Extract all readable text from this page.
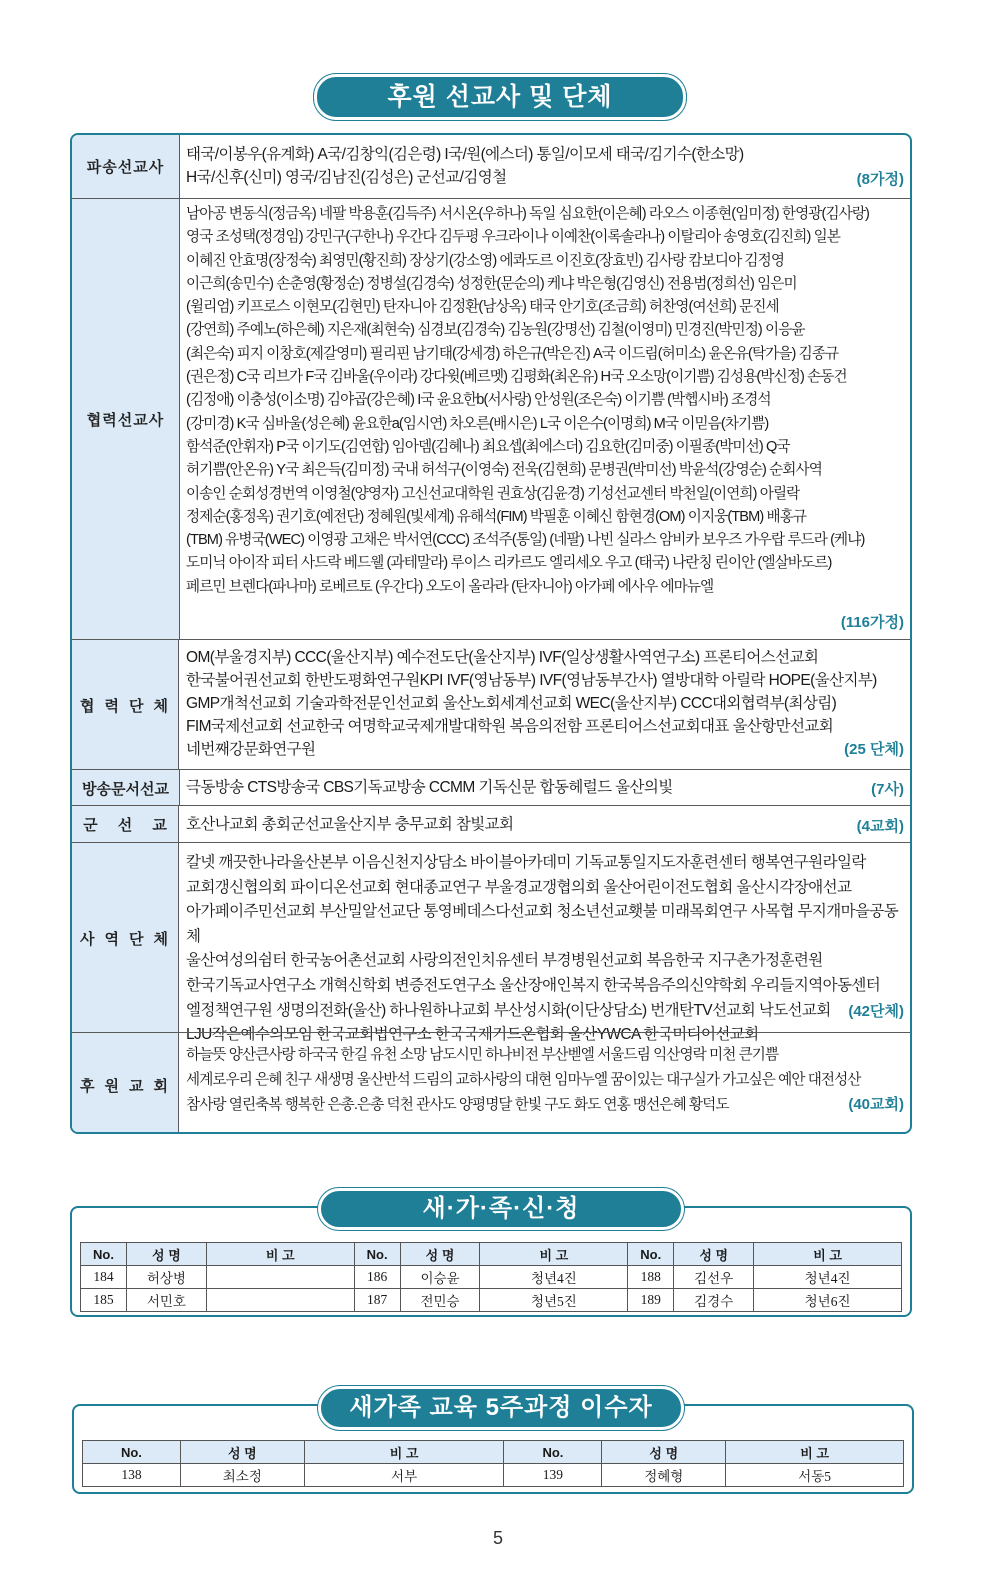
후원 선교사 및 단체
파송선교사
태국/이봉우(유계화) A국/김창익(김은령) I국/원(에스더) 통일/이모세 태국/김기수(한소망)
H국/신후(신미) 영국/김남진(김성은) 군선교/김영철	(8가정)
협력선교사
남아공 변동식(정금옥) 네팔 박용훈(김득주) 서시온(우하나) 독일 심요한(이은혜) 라오스 이종현(임미정) 한영광(김사랑)
영국 조성택(정경임) 강민구(구한나) 우간다 김두평 우크라이나 이예찬(이록솔라나) 이탈리아 송영호(김진희) 일본
이혜진 안효명(장정숙) 최영민(황진희) 장상기(강소영) 에콰도르 이진호(장효빈) 김사랑 캄보디아 김정영
이근희(송민수) 손춘영(황정순) 정병설(김경숙) 성정한(문순의) 케냐 박은형(김영신) 전용범(정희선) 임은미
(윌리엄) 키프로스 이현모(김현민) 탄자니아 김정환(남상옥) 태국 안기호(조금희) 허찬영(여선희) 문진세
(강연희) 주예노(하은혜) 지은재(최현숙) 심경보(김경숙) 김농원(강명선) 김철(이영미) 민경진(박민정) 이응윤
(최은숙) 피지 이창호(제갈영미) 필리핀 남기태(강세경) 하은규(박은진) A국 이드림(허미소) 윤온유(탁가을) 김종규
(권은정) C국 리브가 F국 김바울(우이라) 강다윗(베르멧) 김평화(최온유) H국 오소망(이기쁨) 김성용(박신정) 손동건
(김정애) 이충성(이소명) 김야곱(강은혜) I국 윤요한b(서사랑) 안성원(조은숙) 이기쁨 (박헵시바) 조경석
(강미경) K국 심바울(성은혜) 윤요한a(임시연) 차오른(배시은) L국 이은수(이명희) M국 이믿음(차기쁨)
함석준(안휘자) P국 이기도(김연합) 임아뎀(김혜나) 최요셉(최에스더) 김요한(김미중) 이필종(박미선) Q국
허기쁨(안온유) Y국 최은득(김미정) 국내 허석구(이영숙) 전욱(김현희) 문병권(박미선) 박윤석(강영순) 순회사역
이송인 순회성경번역 이영철(양영자) 고신선교대학원 권효상(김윤경) 기성선교센터 박천일(이연희) 아릴락
정제순(홍정옥) 권기호(예전단) 정혜원(빛세계) 유해석(FIM) 박필훈 이혜신 함현경(OM) 이지웅(TBM) 배홍규
(TBM) 유병국(WEC) 이영광 고채은 박서연(CCC) 조석주(통일) (네팔) 나빈 실라스 암비카 보우즈 가우랍 루드라 (케냐)
도미닉 아이작 피터 사드락 베드웰 (과테말라) 루이스 리카르도 엘리세오 우고 (태국) 나란칭 린이안 (엘살바도르)
페르민 브렌다(파나마) 로베르토 (우간다) 오도이 올라라 (탄자니아) 아가페 에사우 에마뉴엘
(116가정)
협력단체
OM(부울경지부) CCC(울산지부) 예수전도단(울산지부) IVF(일상생활사역연구소) 프론티어스선교회
한국불어권선교회 한반도평화연구원KPI IVF(영남동부) IVF(영남동부간사) 열방대학 아릴락 HOPE(울산지부)
GMP개척선교회 기술과학전문인선교회 울산노회세계선교회 WEC(울산지부) CCC대외협력부(최상림)
FIM국제선교회 선교한국 여명학교국제개발대학원 복음의전함 프론티어스선교회대표 울산항만선교회
네번째강문화연구원	(25 단체)
방송문서선교	극동방송 CTS방송국 CBS기독교방송 CCMM 기독신문 합동헤럴드 울산의빛	(7사)
군 선 교 호산나교회 총회군선교울산지부 충무교회 참빛교회	(4교회)
사역단체
칼넷 깨끗한나라울산본부 이음신천지상담소 바이블아카데미 기독교통일지도자훈련센터 행복연구원라일락
교회갱신협의회 파이디온선교회 현대종교연구 부울경교갱협의회 울산어린이전도협회 울산시각장애선교
아가페이주민선교회 부산밀알선교단 통영베데스다선교회 청소년선교횃불 미래목회연구 사목협 무지개마을공동체
울산여성의쉼터 한국농어촌선교회 사랑의전인치유센터 부경병원선교회 복음한국 지구촌가정훈련원
한국기독교사연구소 개혁신학회 변증전도연구소 울산장애인복지 한국복음주의신약학회 우리들지역아동센터
엘정책연구원 생명의전화(울산) 하나원하나교회 부산성시화(이단상담소) 번개탄TV선교회 낙도선교회
LJU작은예수의모임 한국교회법연구소 한국국제기드온협회 울산YWCA 한국미디어선교회
(42단체)
후원교회
하늘뜻 양산큰사랑 하국국 한길 유천 소망 남도시민 하나비전 부산벧엘 서울드림 익산영락 미천 큰기쁨
세계로우리 은혜 친구 새생명 울산반석 드림의 교하사랑의 대현 임마누엘 꿈이있는 대구실가 가고싶은 예안 대전성산
참사랑 열린축복 행복한 은총.은총 덕천 관사도 양평명달 한빛 구도 화도 연홍 맹선은혜 황덕도	(40교회)
새·가·족·신·청
No.	성 명	비 고	No.	성 명	비 고	No.	성 명	비 고
184	허상병		186	이승윤	청년4진	188	김선우	청년4진
185	서민호		187	전민승	청년5진	189	김경수	청년6진
새가족 교육 5주과정 이수자
No.	성 명	비 고	No.	성 명	비 고
138	최소정	서부	139	정혜형	서동5
5
